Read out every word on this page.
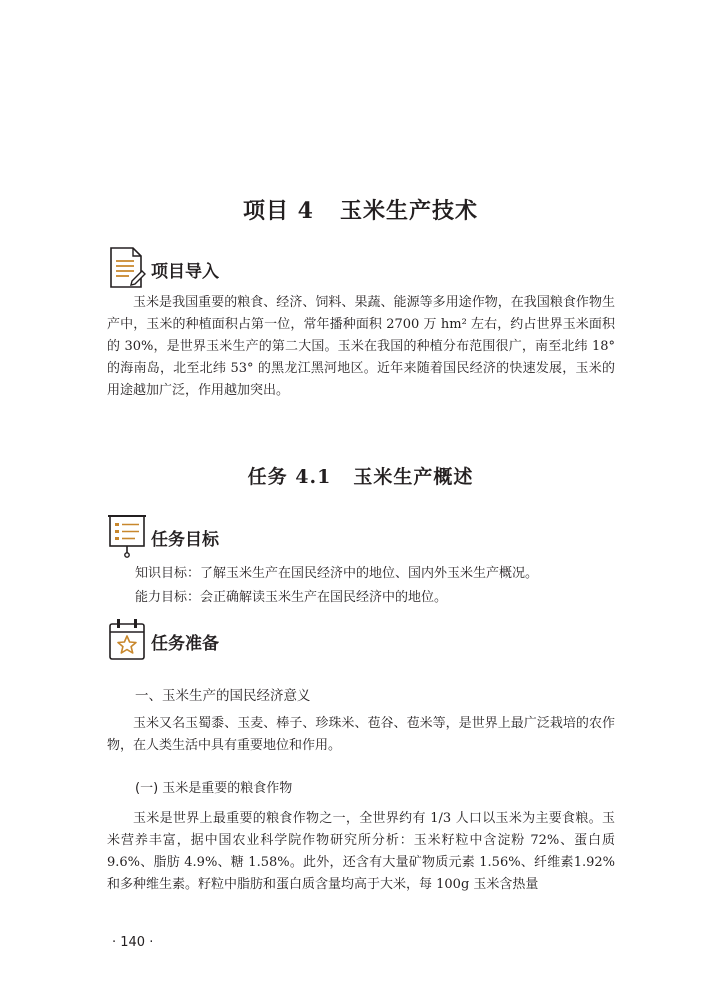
项目 4 玉米生产技术
项目导入

玉米是我国重要的粮食、经济、饲料、果蔬、能源等多用途作物，在我国粮食作物生产中，玉米的种植面积占第一位，常年播种面积 2700 万 hm² 左右，约占世界玉米面积的 30%，是世界玉米生产的第二大国。玉米在我国的种植分布范围很广，南至北纬 18° 的海南岛，北至北纬 53° 的黑龙江黑河地区。近年来随着国民经济的快速发展，玉米的用途越加广泛，作用越加突出。

任务 4.1 玉米生产概述
任务目标
知识目标：了解玉米生产在国民经济中的地位、国内外玉米生产概况。
能力目标：会正确解读玉米生产在国民经济中的地位。
任务准备
一、玉米生产的国民经济意义

玉米又名玉蜀黍、玉麦、棒子、珍珠米、苞谷、苞米等，是世界上最广泛栽培的农作物，在人类生活中具有重要地位和作用。

(一) 玉米是重要的粮食作物

玉米是世界上最重要的粮食作物之一，全世界约有 1/3 人口以玉米为主要食粮。玉米营养丰富，据中国农业科学院作物研究所分析：玉米籽粒中含淀粉 72%、蛋白质 9.6%、脂肪 4.9%、糖 1.58%。此外，还含有大量矿物质元素 1.56%、纤维素1.92% 和多种维生素。籽粒中脂肪和蛋白质含量均高于大米，每 100g 玉米含热量

· 140 ·
